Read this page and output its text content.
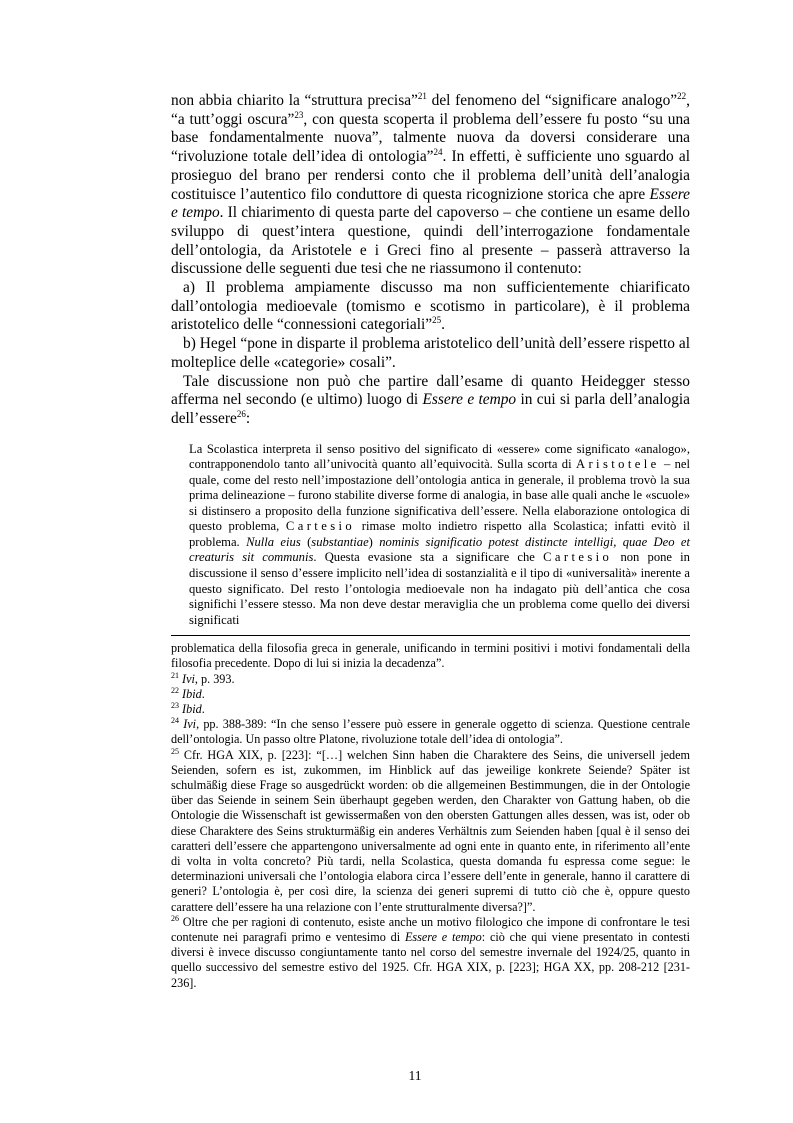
non abbia chiarito la “struttura precisa”$^{21}$ del fenomeno del “significare analogo”$^{22}$, “a tutt’oggi oscura”$^{23}$, con questa scoperta il problema dell’essere fu posto “su una base fondamentalmente nuova”, talmente nuova da doversi considerare una “rivoluzione totale dell’idea di ontologia”$^{24}$. In effetti, è sufficiente uno sguardo al prosieguo del brano per rendersi conto che il problema dell’unità dell’analogia costituisce l’autentico filo conduttore di questa ricognizione storica che apre Essere e tempo. Il chiarimento di questa parte del capoverso – che contiene un esame dello sviluppo di quest’intera questione, quindi dell’interrogazione fondamentale dell’ontologia, da Aristotele e i Greci fino al presente – passerà attraverso la discussione delle seguenti due tesi che ne riassumono il contenuto:

a) Il problema ampiamente discusso ma non sufficientemente chiarificato dall’ontologia medioevale (tomismo e scotismo in particolare), è il problema aristotelico delle “connessioni categoriali”$^{25}$.

b) Hegel “pone in disparte il problema aristotelico dell’unità dell’essere rispetto al molteplice delle «categorie» cosali”.

Tale discussione non può che partire dall’esame di quanto Heidegger stesso afferma nel secondo (e ultimo) luogo di Essere e tempo in cui si parla dell’analogia dell’essere$^{26}$:

La Scolastica interpreta il senso positivo del significato di «essere» come significato «analogo», contrapponendolo tanto all’univocità quanto all’equivocità. Sulla scorta di Aristotele – nel quale, come del resto nell’impostazione dell’ontologia antica in generale, il problema trovò la sua prima delineazione – furono stabilite diverse forme di analogia, in base alle quali anche le «scuole» si distinsero a proposito della funzione significativa dell’essere. Nella elaborazione ontologica di questo problema, Cartesio rimase molto indietro rispetto alla Scolastica; infatti evitò il problema. Nulla eius (substantiae) nominis significatio potest distincte intelligi, quae Deo et creaturis sit communis. Questa evasione sta a significare che Cartesio non pone in discussione il senso d’essere implicito nell’idea di sostanzialità e il tipo di «universalità» inerente a questo significato. Del resto l’ontologia medioevale non ha indagato più dell’antica che cosa significhi l’essere stesso. Ma non deve destar meraviglia che un problema come quello dei diversi significati

problematica della filosofia greca in generale, unificando in termini positivi i motivi fondamentali della filosofia precedente. Dopo di lui si inizia la decadenza”.

$^{21}$ Ivi, p. 393.

$^{22}$ Ibid.

$^{23}$ Ibid.

$^{24}$ Ivi, pp. 388-389: “In che senso l’essere può essere in generale oggetto di scienza. Questione centrale dell’ontologia. Un passo oltre Platone, rivoluzione totale dell’idea di ontologia”.

$^{25}$ Cfr. HGA XIX, p. [223]: “[…] welchen Sinn haben die Charaktere des Seins, die universell jedem Seienden, sofern es ist, zukommen, im Hinblick auf das jeweilige konkrete Seiende? Später ist schulmäßig diese Frage so ausgedrückt worden: ob die allgemeinen Bestimmungen, die in der Ontologie über das Seiende in seinem Sein überhaupt gegeben werden, den Charakter von Gattung haben, ob die Ontologie die Wissenschaft ist gewissermaßen von den obersten Gattungen alles dessen, was ist, oder ob diese Charaktere des Seins strukturmäßig ein anderes Verhältnis zum Seienden haben [qual è il senso dei caratteri dell’essere che appartengono universalmente ad ogni ente in quanto ente, in riferimento all’ente di volta in volta concreto? Più tardi, nella Scolastica, questa domanda fu espressa come segue: le determinazioni universali che l’ontologia elabora circa l’essere dell’ente in generale, hanno il carattere di generi? L’ontologia è, per così dire, la scienza dei generi supremi di tutto ciò che è, oppure questo carattere dell’essere ha una relazione con l’ente strutturalmente diversa?]”.

$^{26}$ Oltre che per ragioni di contenuto, esiste anche un motivo filologico che impone di confrontare le tesi contenute nei paragrafi primo e ventesimo di Essere e tempo: ciò che qui viene presentato in contesti diversi è invece discusso congiuntamente tanto nel corso del semestre invernale del 1924/25, quanto in quello successivo del semestre estivo del 1925. Cfr. HGA XIX, p. [223]; HGA XX, pp. 208-212 [231-236].

11
